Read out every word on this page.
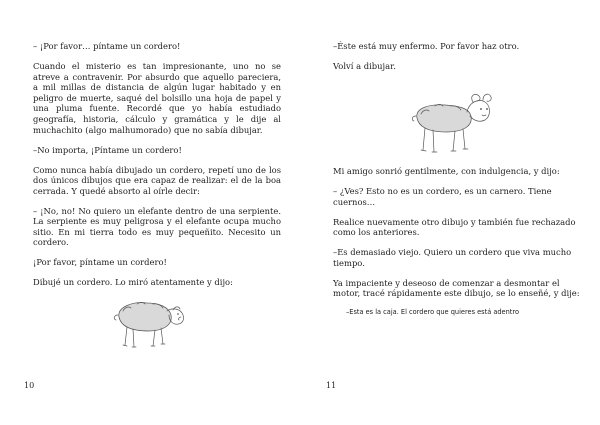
– ¡Por favor… píntame un cordero!

Cuando el misterio es tan impresionante, uno no se atreve a contravenir. Por absurdo que aquello pareciera, a mil millas de distancia de algún lugar habitado y en peligro de muerte, saqué del bolsillo una hoja de papel y una pluma fuente. Recordé que yo había estudiado geografía, historia, cálculo y gramática y le dije al muchachito (algo malhumorado) que no sabía dibujar.

–No importa, ¡Píntame un cordero!

Como nunca había dibujado un cordero, repetí uno de los dos únicos dibujos que era capaz de realizar: el de la boa cerrada. Y quedé absorto al oírle decir:

– ¡No, no! No quiero un elefante dentro de una serpiente. La serpiente es muy peligrosa y el elefante ocupa mucho sitio. En mi tierra todo es muy pequeñito. Necesito un cordero.

¡Por favor, píntame un cordero!

Dibujé un cordero. Lo miró atentamente y dijo:

10

–Éste está muy enfermo. Por favor haz otro.

Volví a dibujar.

Mi amigo sonrió gentilmente, con indulgencia, y dijo:

– ¿Ves? Esto no es un cordero, es un carnero. Tiene cuernos…

Realice nuevamente otro dibujo y también fue rechazado como los anteriores.

–Es demasiado viejo. Quiero un cordero que viva mucho tiempo.

Ya impaciente y deseoso de comenzar a desmontar el motor, tracé rápidamente este dibujo, se lo enseñé, y dije:

–Esta es la caja. El cordero que quieres está adentro

11
